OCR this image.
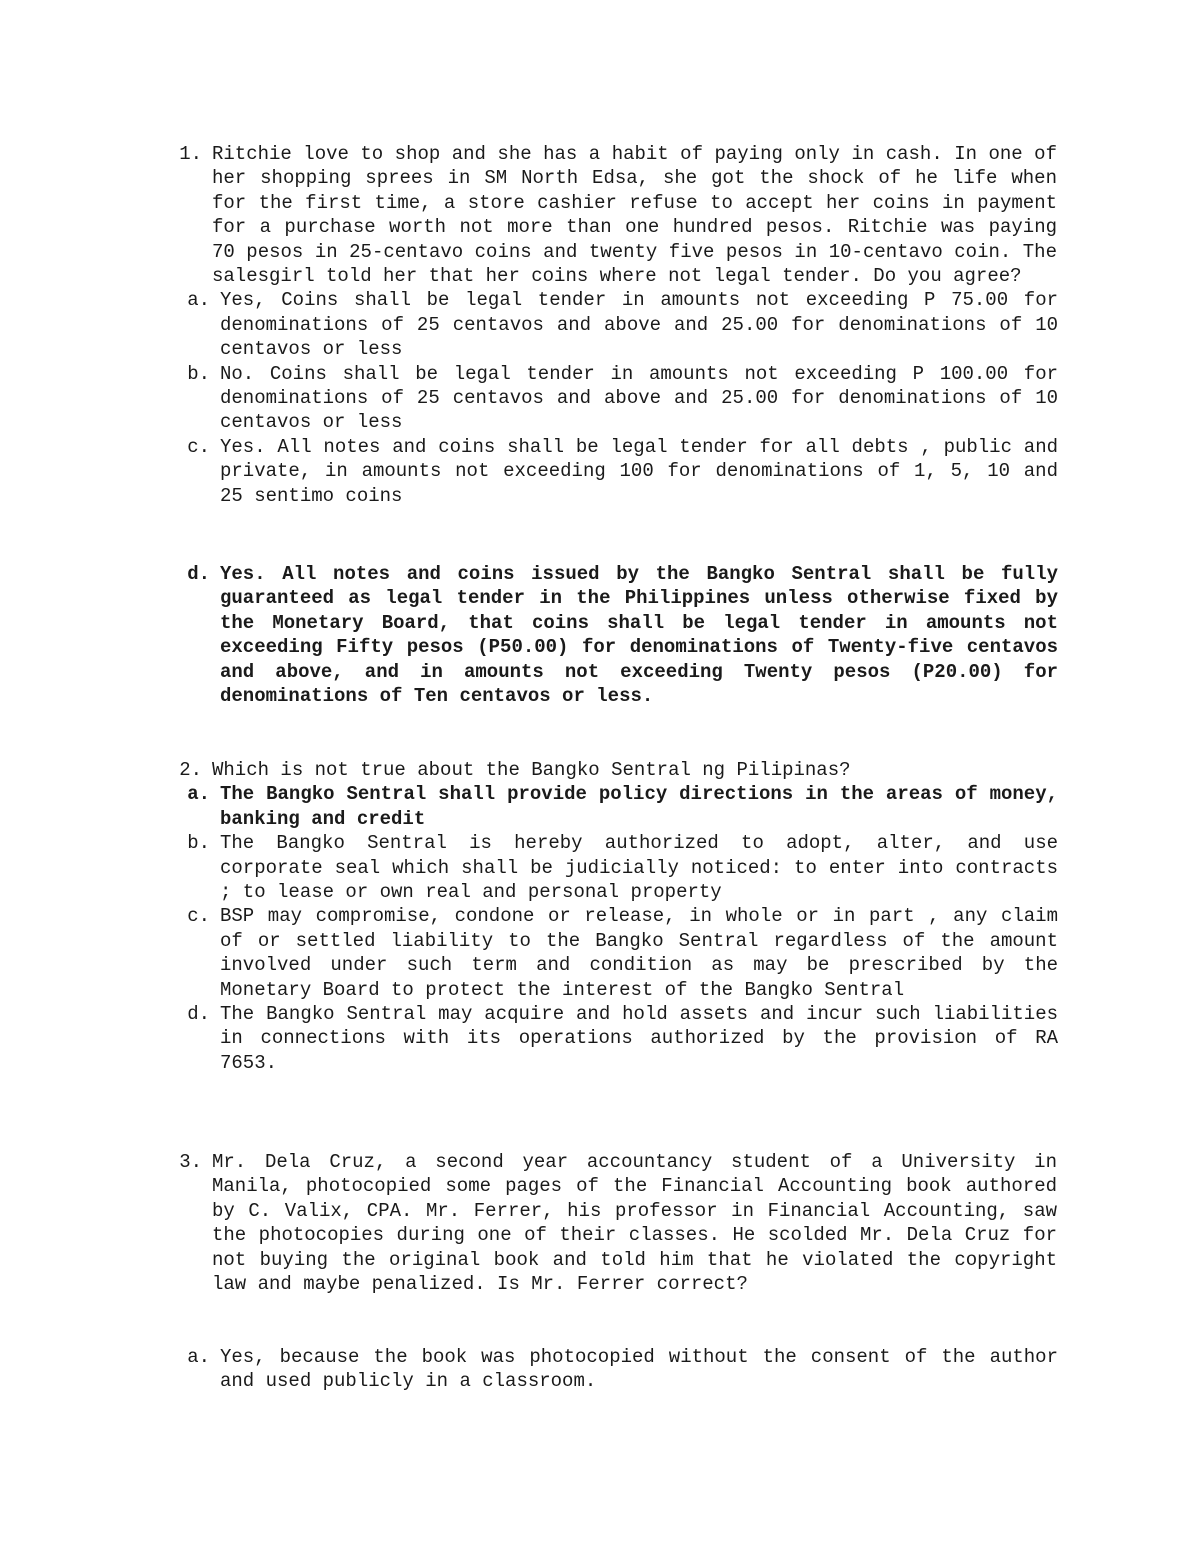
1. Ritchie love to shop and she has a habit of paying only in cash. In one of her shopping sprees in SM North Edsa, she got the shock of he life when for the first time, a store cashier refuse to accept her coins in payment for a purchase worth not more than one hundred pesos. Ritchie was paying 70 pesos in 25-centavo coins and twenty five pesos in 10-centavo coin. The salesgirl told her that her coins where not legal tender. Do you agree?
a. Yes, Coins shall be legal tender in amounts not exceeding P 75.00 for denominations of 25 centavos and above and 25.00 for denominations of 10 centavos or less
b. No. Coins shall be legal tender in amounts not exceeding P 100.00 for denominations of 25 centavos and above and 25.00 for denominations of 10 centavos or less
c. Yes. All notes and coins shall be legal tender for all debts , public and private, in amounts not exceeding 100 for denominations of 1, 5, 10 and 25 sentimo coins
d. Yes. All notes and coins issued by the Bangko Sentral shall be fully guaranteed as legal tender in the Philippines unless otherwise fixed by the Monetary Board, that coins shall be legal tender in amounts not exceeding Fifty pesos (P50.00) for denominations of Twenty-five centavos and above, and in amounts not exceeding Twenty pesos (P20.00) for denominations of Ten centavos or less.
2. Which is not true about the Bangko Sentral ng Pilipinas?
a. The Bangko Sentral shall provide policy directions in the areas of money, banking and credit
b. The Bangko Sentral is hereby authorized to adopt, alter, and use corporate seal which shall be judicially noticed: to enter into contracts ; to lease or own real and personal property
c. BSP may compromise, condone or release, in whole or in part , any claim of or settled liability to the Bangko Sentral regardless of the amount involved under such term and condition as may be prescribed by the Monetary Board to protect the interest of the Bangko Sentral
d. The Bangko Sentral may acquire and hold assets and incur such liabilities in connections with its operations authorized by the provision of RA 7653.
3. Mr. Dela Cruz, a second year accountancy student of a University in Manila, photocopied some pages of the Financial Accounting book authored by C. Valix, CPA. Mr. Ferrer, his professor in Financial Accounting, saw the photocopies during one of their classes. He scolded Mr. Dela Cruz for not buying the original book and told him that he violated the copyright law and maybe penalized. Is Mr. Ferrer correct?
a. Yes, because the book was photocopied without the consent of the author and used publicly in a classroom.
